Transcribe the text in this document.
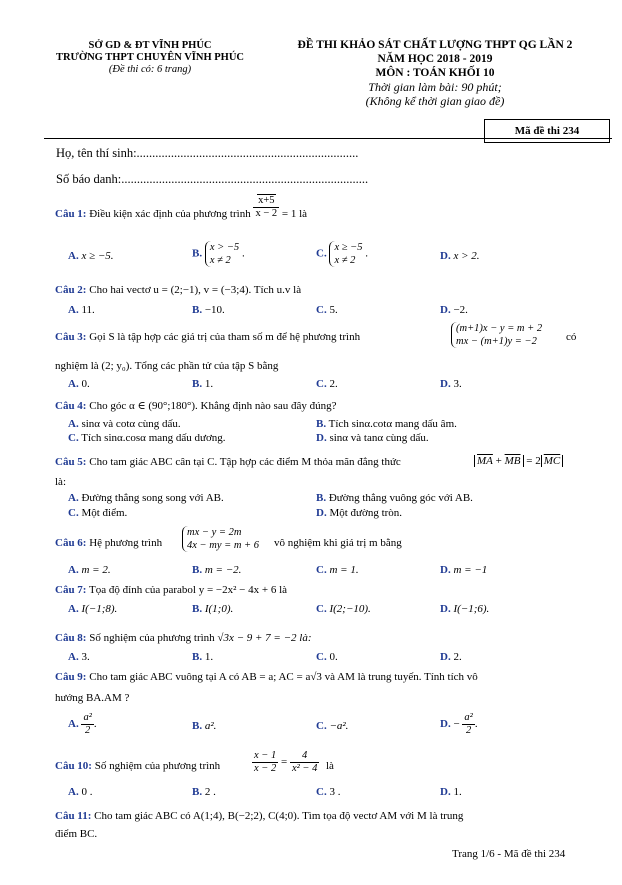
SỞ GD & ĐT VĨNH PHÚC
TRƯỜNG THPT CHUYÊN VĨNH PHÚC
(Đề thi có: 6 trang)
ĐỀ THI KHẢO SÁT CHẤT LƯỢNG THPT QG LẦN 2
NĂM HỌC 2018 - 2019
MÔN : TOÁN KHỐI 10
Thời gian làm bài: 90 phút;
(Không kể thời gian giao đề)
Mã đề thi 234
Họ, tên thí sinh:.......................................................................
Số báo danh:...............................................................................
Câu 1: Điều kiện xác định của phương trình $\frac{x+5}{x - 2} = 1$ là
A. x ≥ −5.	B.
x > −5
x ≠ 2
.	C.
x ≥ −5
x ≠ 2
.	D. x > 2.
Câu 2: Cho hai vectơ u = (2;−1), v = (−3;4). Tích u.v là
A. 11.	B. −10.	C. 5.	D. −2.
Câu 3: Gọi S là tập hợp các giá trị của tham số m để hệ phương trình
(m+1)x − y = m + 2
mx − (m+1)y = −2	có
nghiệm là (2; y₀). Tổng các phần tử của tập S bằng
A. 0.	B. 1.	C. 2.	D. 3.
Câu 4: Cho góc α ∈ (90°;180°). Khẳng định nào sau đây đúng?
A. sinα và cotα cùng dấu.	B. Tích sinα.cotα mang dấu âm.
C. Tích sinα.cosα mang dấu dương.	D. sinα và tanα cùng dấu.
Câu 5: Cho tam giác ABC cân tại C. Tập hợp các điểm M thỏa mãn đẳng thức	$\overline{MA} + \overline{MB} = 2$ $\overline{MC}$
là:
A. Đường thẳng song song với AB.	B. Đường thẳng vuông góc với AB.
C. Một điểm.	D. Một đường tròn.
Câu 6: Hệ phương trình
mx − y = 2m
4x − my = m + 6 vô nghiệm khi giá trị m bằng
A. m = 2.	B. m = −2.	C. m = 1.	D. m = −1
Câu 7: Tọa độ đỉnh của parabol y = −2x² − 4x + 6 là
A. I(−1;8).	B. I(1;0).	C. I(2;−10).	D. I(−1;6).
Câu 8: Số nghiệm của phương trình √3x − 9 + 7 = −2 là:
A. 3.	B. 1.	C. 0.	D. 2.
Câu 9: Cho tam giác ABC vuông tại A có AB = a; AC = a√3 và AM là trung tuyến. Tính tích vô
hướng BA.AM ?
A. $\frac{\text{a²}}{2}$ .	B. a².	C. −a².	D. − $\frac{\text{a²}}{2}$ .
Câu 10: Số nghiệm của phương trình	$\frac{x - 1}{x - 2} = \frac{4}{\text{x² − 4}}$ là
A. 0 .	B. 2 .	C. 3 .	D. 1.
Câu 11: Cho tam giác ABC có A(1;4), B(−2;2), C(4;0). Tìm tọa độ vectơ AM với M là trung
điểm BC.
Trang 1/6 - Mã đề thi 234
